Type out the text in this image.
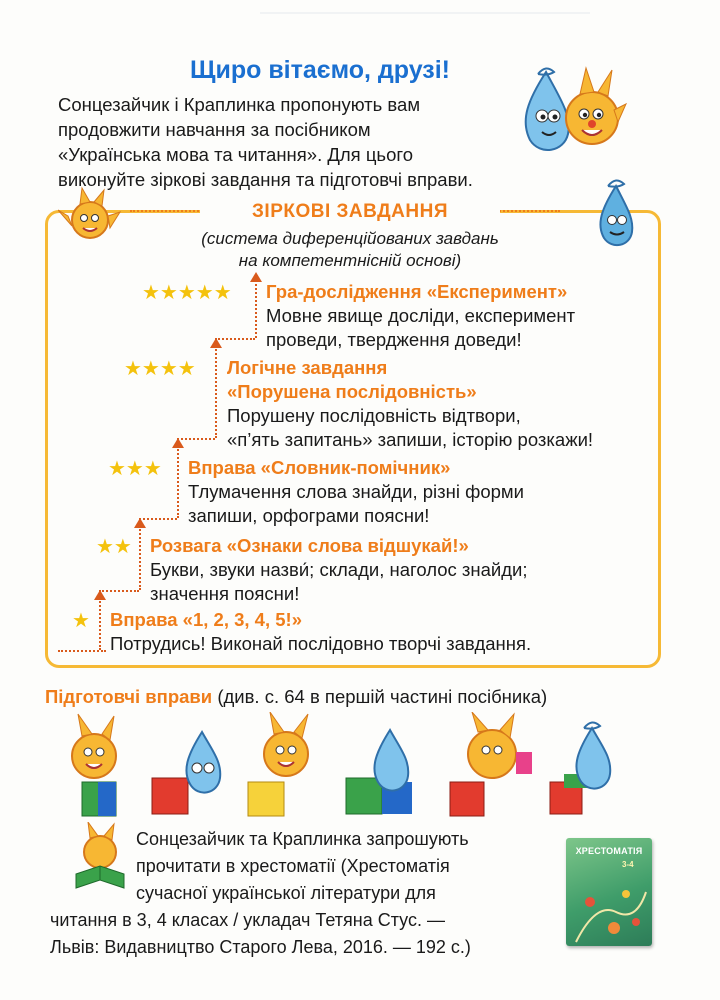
Щиро вітаємо, друзі!
Сонцезайчик і Краплинка пропонують вам
продовжити навчання за посібником
«Українська мова та читання». Для цього
виконуйте зіркові завдання та підготовчі вправи.
ЗІРКОВІ ЗАВДАННЯ
(система диференційованих завдань
на компетентнісній основі)
★★★★★ Гра-дослідження «Експеримент»
Мовне явище досліди, експеримент
проведи, твердження доведи!
★★★★ Логічне завдання
«Порушена послідовність»
Порушену послідовність відтвори,
«п’ять запитань» запиши, історію розкажи!
★★★ Вправа «Словник-помічник»
Тлумачення слова знайди, різні форми
запиши, орфограми поясни!
★★ Розвага «Ознаки слова відшукай!»
Букви, звуки назви́; склади, наголос знайди;
значення поясни!
★ Вправа «1, 2, 3, 4, 5!»
Потрудись! Виконай послідовно творчі завдання.
Підготовчі вправи (див. с. 64 в першій частині посібника)
Сонцезайчик та Краплинка запрошують
прочитати в хрестоматії (Хрестоматія
сучасної української літератури для
читання в 3, 4 класах / укладач Тетяна Стус. —
Львів: Видавництво Старого Лева, 2016. — 192 с.)
ХРЕСТОМАТІЯ
3-4
